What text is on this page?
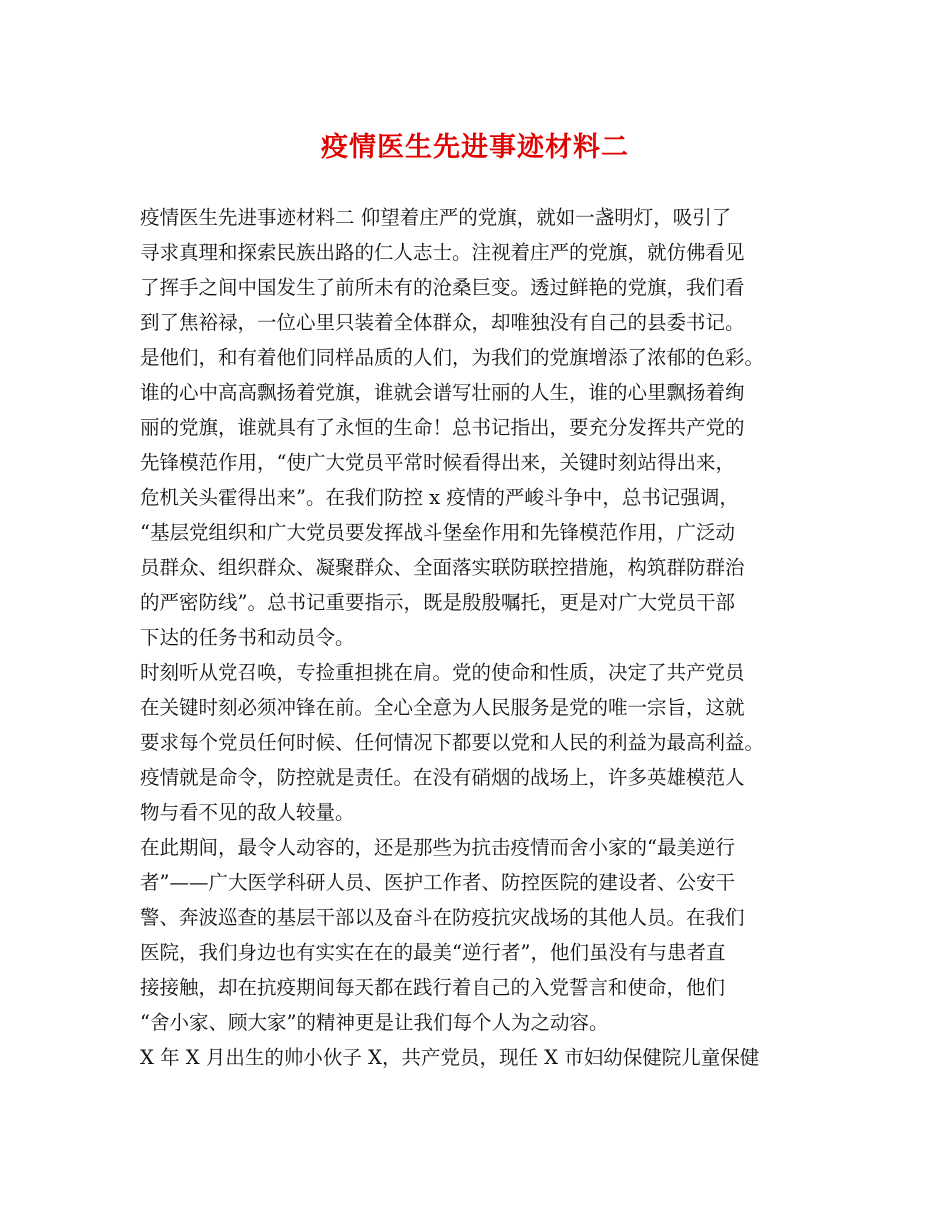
疫情医生先进事迹材料二
疫情医生先进事迹材料二 仰望着庄严的党旗，就如一盏明灯，吸引了
寻求真理和探索民族出路的仁人志士。注视着庄严的党旗，就仿佛看见
了挥手之间中国发生了前所未有的沧桑巨变。透过鲜艳的党旗，我们看
到了焦裕禄，一位心里只装着全体群众，却唯独没有自己的县委书记。
是他们，和有着他们同样品质的人们，为我们的党旗增添了浓郁的色彩。
谁的心中高高飘扬着党旗，谁就会谱写壮丽的人生，谁的心里飘扬着绚
丽的党旗，谁就具有了永恒的生命！总书记指出，要充分发挥共产党的
先锋模范作用，“使广大党员平常时候看得出来，关键时刻站得出来，
危机关头霍得出来”。在我们防控 x 疫情的严峻斗争中，总书记强调，
“基层党组织和广大党员要发挥战斗堡垒作用和先锋模范作用，广泛动
员群众、组织群众、凝聚群众、全面落实联防联控措施，构筑群防群治
的严密防线”。总书记重要指示，既是殷殷嘱托，更是对广大党员干部
下达的任务书和动员令。
时刻听从党召唤，专捡重担挑在肩。党的使命和性质，决定了共产党员
在关键时刻必须冲锋在前。全心全意为人民服务是党的唯一宗旨，这就
要求每个党员任何时候、任何情况下都要以党和人民的利益为最高利益。
疫情就是命令，防控就是责任。在没有硝烟的战场上，许多英雄模范人
物与看不见的敌人较量。
在此期间，最令人动容的，还是那些为抗击疫情而舍小家的“最美逆行
者”——广大医学科研人员、医护工作者、防控医院的建设者、公安干
警、奔波巡查的基层干部以及奋斗在防疫抗灾战场的其他人员。在我们
医院，我们身边也有实实在在的最美“逆行者”，他们虽没有与患者直
接接触，却在抗疫期间每天都在践行着自己的入党誓言和使命，他们
“舍小家、顾大家”的精神更是让我们每个人为之动容。
X 年 X 月出生的帅小伙子 X，共产党员，现任 X 市妇幼保健院儿童保健
